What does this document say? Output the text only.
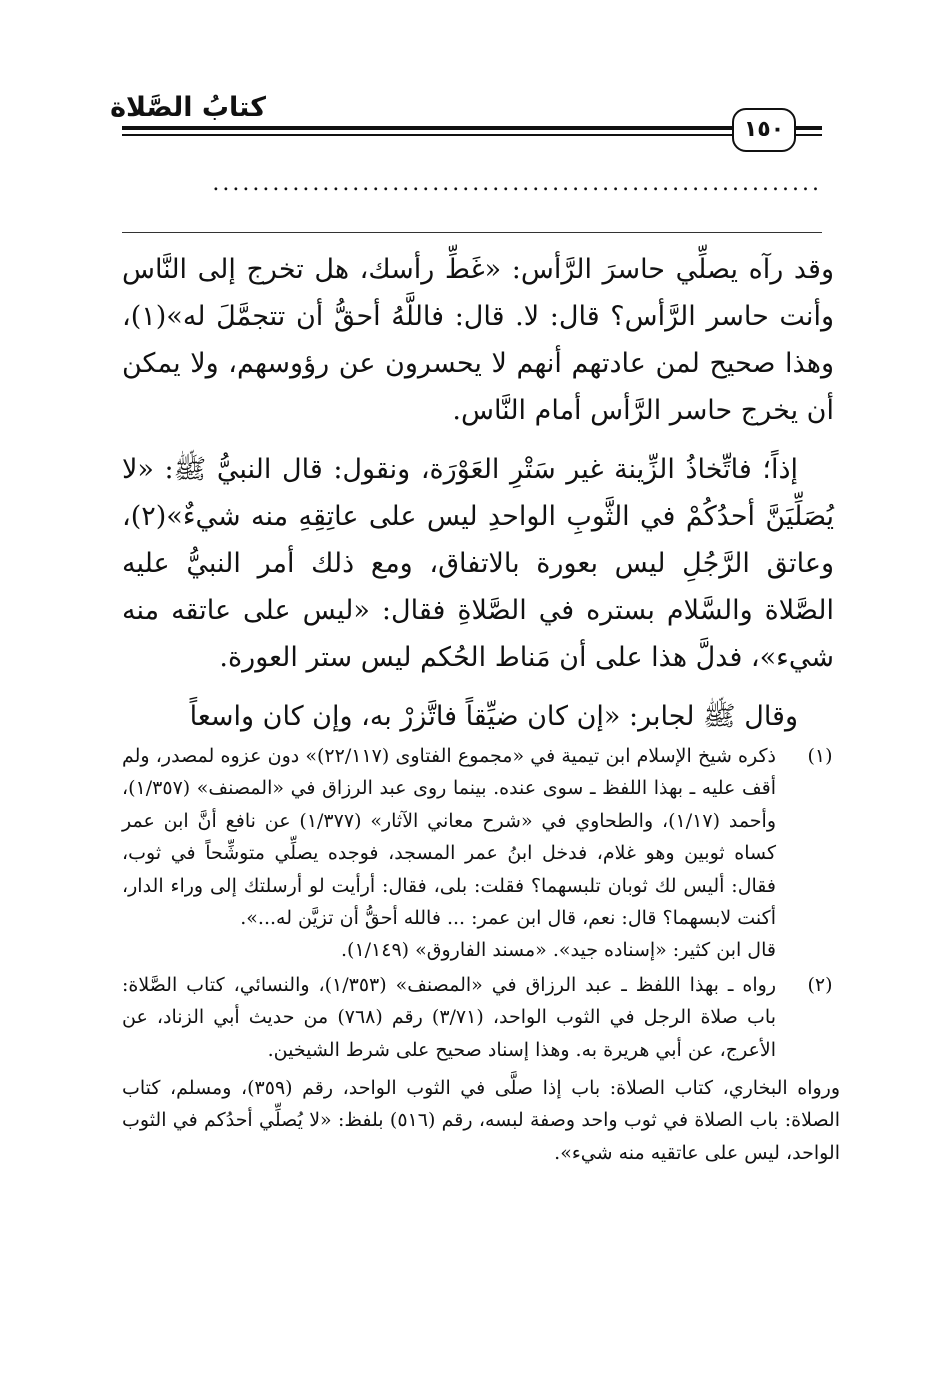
كتابُ الصَّلاة
١٥٠
.............................................................

وقد رآه يصلِّي حاسرَ الرَّأس: «غَطِّ رأسك، هل تخرج إلى النَّاس وأنت حاسر الرَّأس؟ قال: لا. قال: فاللَّهُ أحقُّ أن تتجمَّلَ له»(١)، وهذا صحيح لمن عادتهم أنهم لا يحسرون عن رؤوسهم، ولا يمكن أن يخرج حاسر الرَّأس أمام النَّاس.

إذاً؛ فاتِّخاذُ الزِّينة غير سَتْرِ العَوْرَة، ونقول: قال النبيُّ ﷺ: «لا يُصَلِّيَنَّ أحدُكُمْ في الثَّوبِ الواحدِ ليس على عاتِقِهِ منه شيءٌ»(٢)، وعاتق الرَّجُلِ ليس بعورة بالاتفاق، ومع ذلك أمر النبيُّ عليه الصَّلاة والسَّلام بستره في الصَّلاةِ فقال: «ليس على عاتقه منه شيء»، فدلَّ هذا على أن مَناط الحُكم ليس ستر العورة.

وقال ﷺ لجابر: «إن كان ضيِّقاً فاتَّزرْ به، وإن كان واسعاً

(١)

ذكره شيخ الإسلام ابن تيمية في «مجموع الفتاوى (٢٢/١١٧)» دون عزوه لمصدر، ولم أقف عليه ـ بهذا اللفظ ـ سوى عنده. بينما روى عبد الرزاق في «المصنف» (١/٣٥٧)، وأحمد (١/١٧)، والطحاوي في «شرح معاني الآثار» (١/٣٧٧) عن نافع أنَّ ابن عمر كساه ثوبين وهو غلام، فدخل ابنُ عمر المسجد، فوجده يصلِّي متوشِّحاً في ثوب، فقال: أليس لك ثوبان تلبسهما؟ فقلت: بلى، فقال: أرأيت لو أرسلتك إلى وراء الدار، أكنت لابسهما؟ قال: نعم، قال ابن عمر: ... فالله أحقُّ أن تزيَّن له...».

قال ابن كثير: «إسناده جيد». «مسند الفاروق» (١/١٤٩).

(٢)

رواه ـ بهذا اللفظ ـ عبد الرزاق في «المصنف» (١/٣٥٣)، والنسائي، كتاب الصَّلاة: باب صلاة الرجل في الثوب الواحد، (٣/٧١) رقم (٧٦٨) من حديث أبي الزناد، عن الأعرج، عن أبي هريرة به. وهذا إسناد صحيح على شرط الشيخين.

ورواه البخاري، كتاب الصلاة: باب إذا صلَّى في الثوب الواحد، رقم (٣٥٩)، ومسلم، كتاب الصلاة: باب الصلاة في ثوب واحد وصفة لبسه، رقم (٥١٦) بلفظ: «لا يُصلِّي أحدُكم في الثوب الواحد، ليس على عاتقيه منه شيء».
